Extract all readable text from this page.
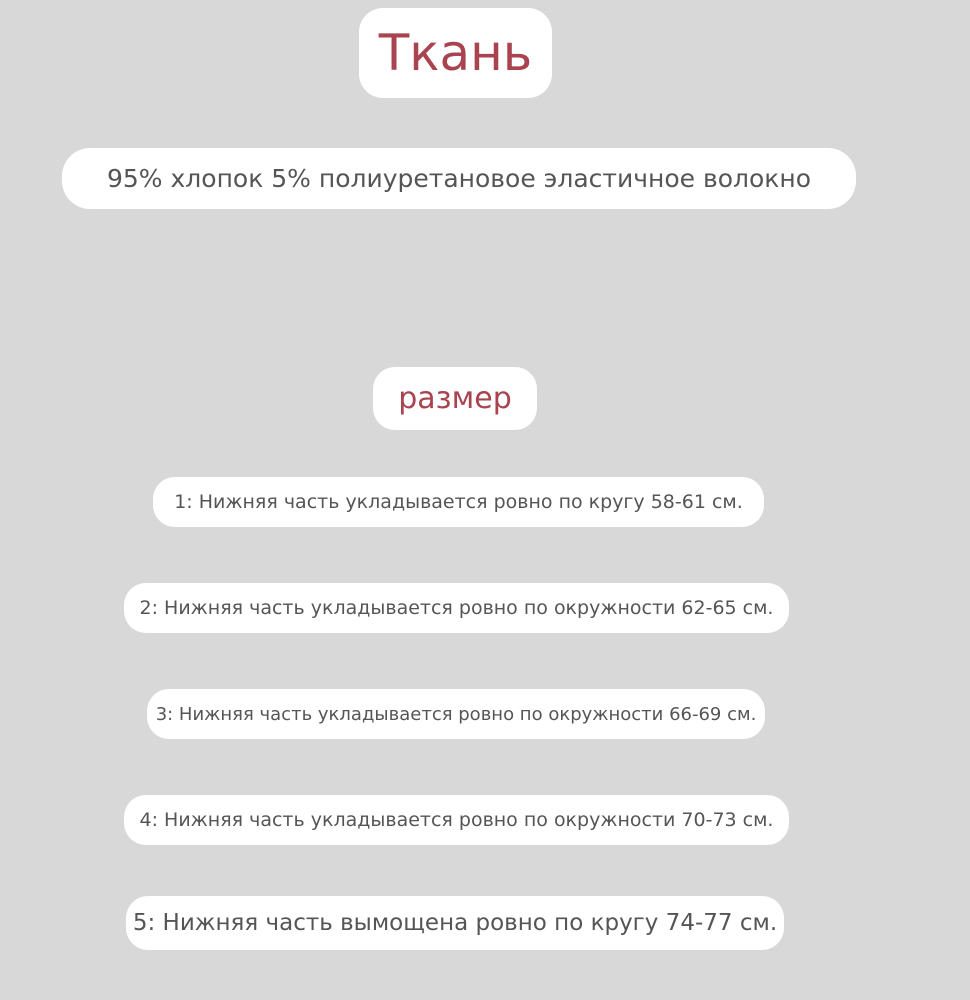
Ткань
95% хлопок 5% полиуретановое эластичное волокно
размер
1: Нижняя часть укладывается ровно по кругу 58-61 см.
2: Нижняя часть укладывается ровно по окружности 62-65 см.
3: Нижняя часть укладывается ровно по окружности 66-69 см.
4: Нижняя часть укладывается ровно по окружности 70-73 см.
5: Нижняя часть вымощена ровно по кругу 74-77 см.
